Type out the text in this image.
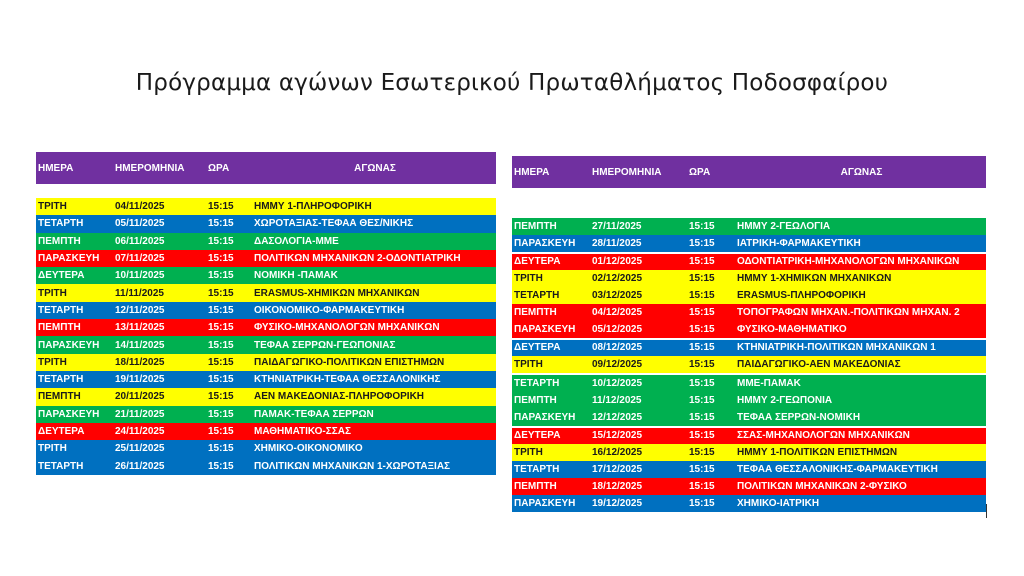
Πρόγραμμα αγώνων Εσωτερικού Πρωταθλήματος Ποδοσφαίρου
ΗΜΕΡΑ	ΗΜΕΡΟΜΗΝΙΑ	ΩΡΑ	ΑΓΩΝΑΣ
ΤΡΙΤΗ	04/11/2025	15:15	ΗΜΜΥ 1-ΠΛΗΡΟΦΟΡΙΚΗ
ΤΕΤΑΡΤΗ	05/11/2025	15:15	ΧΩΡΟΤΑΞΙΑΣ-ΤΕΦΑΑ ΘΕΣ/ΝΙΚΗΣ
ΠΕΜΠΤΗ	06/11/2025	15:15	ΔΑΣΟΛΟΓΙΑ-ΜΜΕ
ΠΑΡΑΣΚΕΥΗ	07/11/2025	15:15	ΠΟΛΙΤΙΚΩΝ ΜΗΧΑΝΙΚΩΝ 2-ΟΔΟΝΤΙΑΤΡΙΚΗ
ΔΕΥΤΕΡΑ	10/11/2025	15:15	ΝΟΜΙΚΗ -ΠΑΜΑΚ
ΤΡΙΤΗ	11/11/2025	15:15	ERASMUS-ΧΗΜΙΚΩΝ ΜΗΧΑΝΙΚΩΝ
ΤΕΤΑΡΤΗ	12/11/2025	15:15	ΟΙΚΟΝΟΜΙΚΟ-ΦΑΡΜΑΚΕΥΤΙΚΗ
ΠΕΜΠΤΗ	13/11/2025	15:15	ΦΥΣΙΚΟ-ΜΗΧΑΝΟΛΟΓΩΝ ΜΗΧΑΝΙΚΩΝ
ΠΑΡΑΣΚΕΥΗ	14/11/2025	15:15	ΤΕΦΑΑ ΣΕΡΡΩΝ-ΓΕΩΠΟΝΙΑΣ
ΤΡΙΤΗ	18/11/2025	15:15	ΠΑΙΔΑΓΩΓΙΚΟ-ΠΟΛΙΤΙΚΩΝ ΕΠΙΣΤΗΜΩΝ
ΤΕΤΑΡΤΗ	19/11/2025	15:15	ΚΤΗΝΙΑΤΡΙΚΗ-ΤΕΦΑΑ ΘΕΣΣΑΛΟΝΙΚΗΣ
ΠΕΜΠΤΗ	20/11/2025	15:15	ΑΕΝ ΜΑΚΕΔΟΝΙΑΣ-ΠΛΗΡΟΦΟΡΙΚΗ
ΠΑΡΑΣΚΕΥΗ	21/11/2025	15:15	ΠΑΜΑΚ-ΤΕΦΑΑ ΣΕΡΡΩΝ
ΔΕΥΤΕΡΑ	24/11/2025	15:15	ΜΑΘΗΜΑΤΙΚΟ-ΣΣΑΣ
ΤΡΙΤΗ	25/11/2025	15:15	ΧΗΜΙΚΟ-ΟΙΚΟΝΟΜΙΚΟ
ΤΕΤΑΡΤΗ	26/11/2025	15:15	ΠΟΛΙΤΙΚΩΝ ΜΗΧΑΝΙΚΩΝ 1-ΧΩΡΟΤΑΞΙΑΣ
ΗΜΕΡΑ	ΗΜΕΡΟΜΗΝΙΑ	ΩΡΑ	ΑΓΩΝΑΣ
ΠΕΜΠΤΗ	27/11/2025	15:15	ΗΜΜΥ 2-ΓΕΩΛΟΓΙΑ
ΠΑΡΑΣΚΕΥΗ	28/11/2025	15:15	ΙΑΤΡΙΚΗ-ΦΑΡΜΑΚΕΥΤΙΚΗ
ΔΕΥΤΕΡΑ	01/12/2025	15:15	ΟΔΟΝΤΙΑΤΡΙΚΗ-ΜΗΧΑΝΟΛΟΓΩΝ ΜΗΧΑΝΙΚΩΝ
ΤΡΙΤΗ	02/12/2025	15:15	ΗΜΜΥ 1-ΧΗΜΙΚΩΝ ΜΗΧΑΝΙΚΩΝ
ΤΕΤΑΡΤΗ	03/12/2025	15:15	ERASMUS-ΠΛΗΡΟΦΟΡΙΚΗ
ΠΕΜΠΤΗ	04/12/2025	15:15	ΤΟΠΟΓΡΑΦΩΝ ΜΗΧΑΝ.-ΠΟΛΙΤΙΚΩΝ ΜΗΧΑΝ. 2
ΠΑΡΑΣΚΕΥΗ	05/12/2025	15:15	ΦΥΣΙΚΟ-ΜΑΘΗΜΑΤΙΚΟ
ΔΕΥΤΕΡΑ	08/12/2025	15:15	ΚΤΗΝΙΑΤΡΙΚΗ-ΠΟΛΙΤΙΚΩΝ ΜΗΧΑΝΙΚΩΝ 1
ΤΡΙΤΗ	09/12/2025	15:15	ΠΑΙΔΑΓΩΓΙΚΟ-ΑΕΝ ΜΑΚΕΔΟΝΙΑΣ
ΤΕΤΑΡΤΗ	10/12/2025	15:15	ΜΜΕ-ΠΑΜΑΚ
ΠΕΜΠΤΗ	11/12/2025	15:15	ΗΜΜΥ 2-ΓΕΩΠΟΝΙΑ
ΠΑΡΑΣΚΕΥΗ	12/12/2025	15:15	ΤΕΦΑΑ ΣΕΡΡΩΝ-ΝΟΜΙΚΗ
ΔΕΥΤΕΡΑ	15/12/2025	15:15	ΣΣΑΣ-ΜΗΧΑΝΟΛΟΓΩΝ ΜΗΧΑΝΙΚΩΝ
ΤΡΙΤΗ	16/12/2025	15:15	ΗΜΜΥ 1-ΠΟΛΙΤΙΚΩΝ ΕΠΙΣΤΗΜΩΝ
ΤΕΤΑΡΤΗ	17/12/2025	15:15	ΤΕΦΑΑ ΘΕΣΣΑΛΟΝΙΚΗΣ-ΦΑΡΜΑΚΕΥΤΙΚΗ
ΠΕΜΠΤΗ	18/12/2025	15:15	ΠΟΛΙΤΙΚΩΝ ΜΗΧΑΝΙΚΩΝ 2-ΦΥΣΙΚΟ
ΠΑΡΑΣΚΕΥΗ	19/12/2025	15:15	ΧΗΜΙΚΟ-ΙΑΤΡΙΚΗ
